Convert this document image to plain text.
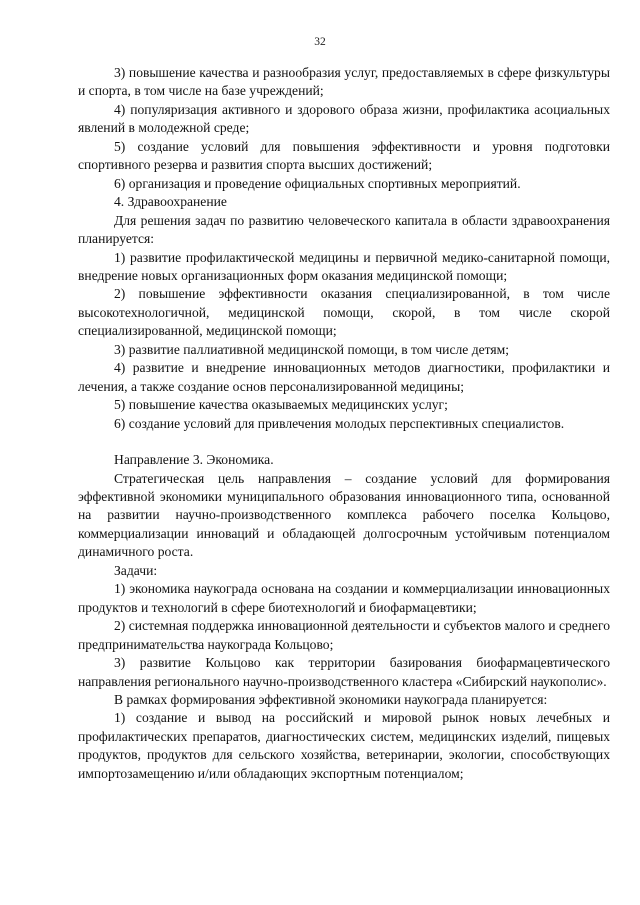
32

3) повышение качества и разнообразия услуг, предоставляемых в сфере физкультуры и спорта, в том числе на базе учреждений;

4) популяризация активного и здорового образа жизни, профилактика асоциальных явлений в молодежной среде;

5) создание условий для повышения эффективности и уровня подготовки спортивного резерва и развития спорта высших достижений;

6) организация и проведение официальных спортивных мероприятий.

4. Здравоохранение

Для решения задач по развитию человеческого капитала в области здравоохранения планируется:

1) развитие профилактической медицины и первичной медико-санитарной помощи, внедрение новых организационных форм оказания медицинской помощи;

2) повышение эффективности оказания специализированной, в том числе высокотехнологичной, медицинской помощи, скорой, в том числе скорой специализированной, медицинской помощи;

3) развитие паллиативной медицинской помощи, в том числе детям;

4) развитие и внедрение инновационных методов диагностики, профилактики и лечения, а также создание основ персонализированной медицины;

5) повышение качества оказываемых медицинских услуг;

6) создание условий для привлечения молодых перспективных специалистов.

Направление 3. Экономика.

Стратегическая цель направления – создание условий для формирования эффективной экономики муниципального образования инновационного типа, основанной на развитии научно-производственного комплекса рабочего поселка Кольцово, коммерциализации инноваций и обладающей долгосрочным устойчивым потенциалом динамичного роста.

Задачи:

1) экономика наукограда основана на создании и коммерциализации инновационных продуктов и технологий в сфере биотехнологий и биофармацевтики;

2) системная поддержка инновационной деятельности и субъектов малого и среднего предпринимательства наукограда Кольцово;

3) развитие Кольцово как территории базирования биофармацевтического направления регионального научно-производственного кластера «Сибирский наукополис».

В рамках формирования эффективной экономики наукограда планируется:

1) создание и вывод на российский и мировой рынок новых лечебных и профилактических препаратов, диагностических систем, медицинских изделий, пищевых продуктов, продуктов для сельского хозяйства, ветеринарии, экологии, способствующих импортозамещению и/или обладающих экспортным потенциалом;
